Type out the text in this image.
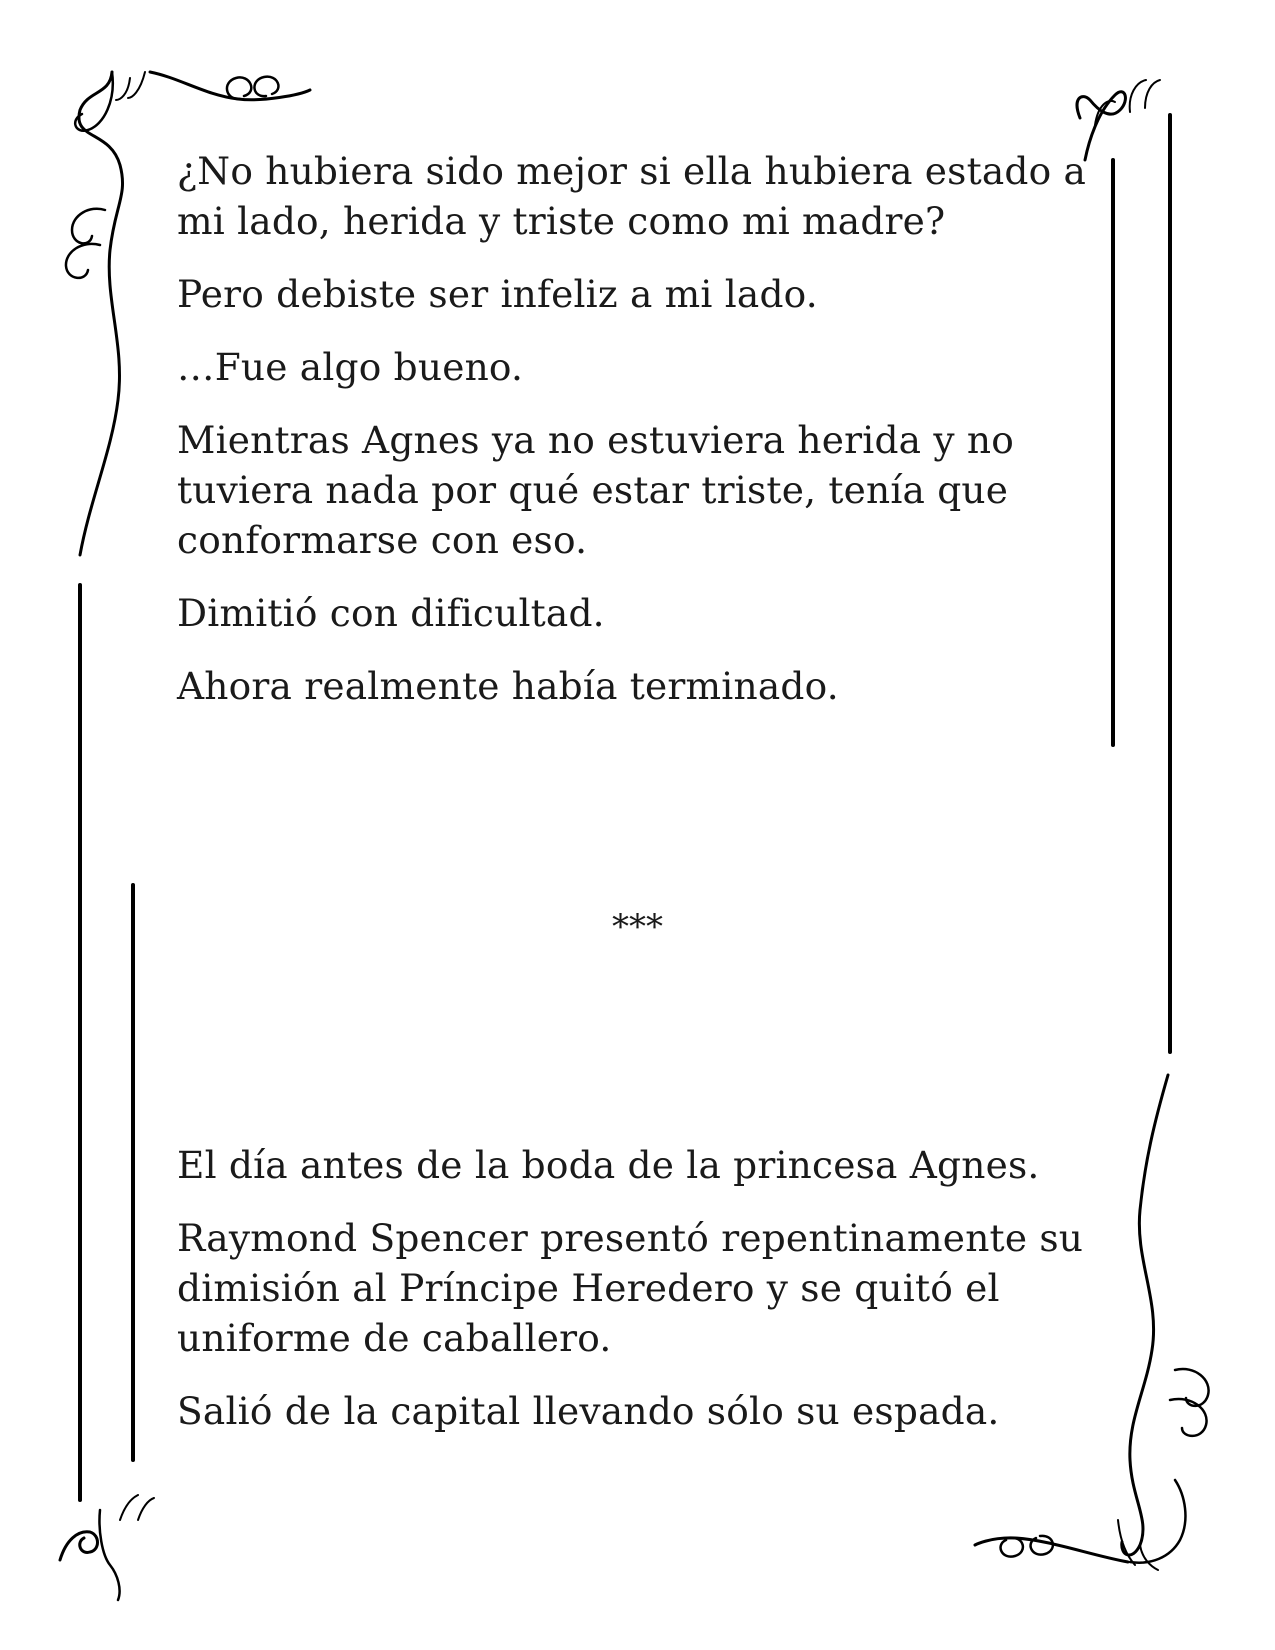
¿No hubiera sido mejor si ella hubiera estado a mi lado, herida y triste como mi madre?

Pero debiste ser infeliz a mi lado.

…Fue algo bueno.

Mientras Agnes ya no estuviera herida y no tuviera nada por qué estar triste, tenía que conformarse con eso.

Dimitió con dificultad.

Ahora realmente había terminado.

***

El día antes de la boda de la princesa Agnes.

Raymond Spencer presentó repentinamente su dimisión al Príncipe Heredero y se quitó el uniforme de caballero.

Salió de la capital llevando sólo su espada.
